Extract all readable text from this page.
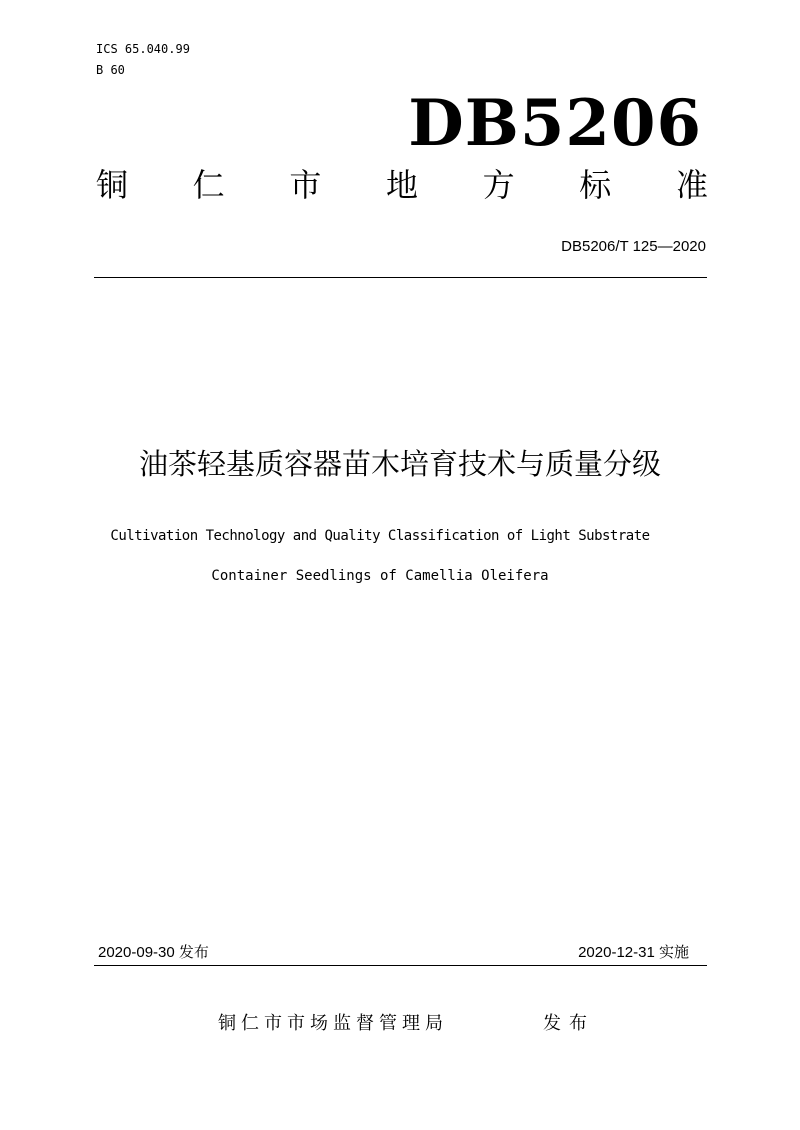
ICS 65.040.99
B 60
DB5206
铜 仁 市 地 方 标 准
DB5206/T 125—2020
油茶轻基质容器苗木培育技术与质量分级
Cultivation Technology and Quality Classification of Light Substrate
Container Seedlings of Camellia Oleifera
2020-09-30 发布	2020-12-31 实施
铜仁市市场监督管理局	发布
